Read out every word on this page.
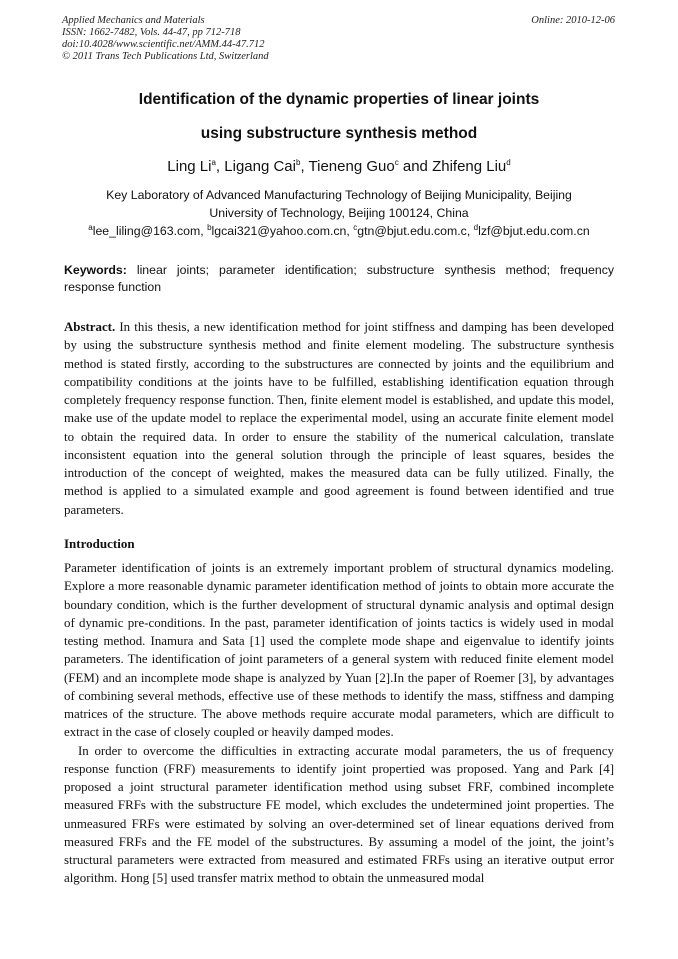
Applied Mechanics and Materials
ISSN: 1662-7482, Vols. 44-47, pp 712-718
doi:10.4028/www.scientific.net/AMM.44-47.712
© 2011 Trans Tech Publications Ltd, Switzerland
Online: 2010-12-06
Identification of the dynamic properties of linear joints
using substructure synthesis method
Ling Li$^a$, Ligang Cai$^b$, Tieneng Guo$^c$ and Zhifeng Liu$^d$
Key Laboratory of Advanced Manufacturing Technology of Beijing Municipality, Beijing
University of Technology, Beijing 100124, China
$^a$lee_liling@163.com, $^b$lgcai321@yahoo.com.cn, $^c$gtn@bjut.edu.com.c, $^d$lzf@bjut.edu.com.cn
Keywords: linear joints; parameter identification; substructure synthesis method; frequency response function

Abstract. In this thesis, a new identification method for joint stiffness and damping has been developed by using the substructure synthesis method and finite element modeling. The substructure synthesis method is stated firstly, according to the substructures are connected by joints and the equilibrium and compatibility conditions at the joints have to be fulfilled, establishing identification equation through completely frequency response function. Then, finite element model is established, and update this model, make use of the update model to replace the experimental model, using an accurate finite element model to obtain the required data. In order to ensure the stability of the numerical calculation, translate inconsistent equation into the general solution through the principle of least squares, besides the introduction of the concept of weighted, makes the measured data can be fully utilized. Finally, the method is applied to a simulated example and good agreement is found between identified and true parameters.

Introduction

Parameter identification of joints is an extremely important problem of structural dynamics modeling. Explore a more reasonable dynamic parameter identification method of joints to obtain more accurate the boundary condition, which is the further development of structural dynamic analysis and optimal design of dynamic pre-conditions. In the past, parameter identification of joints tactics is widely used in modal testing method. Inamura and Sata [1] used the complete mode shape and eigenvalue to identify joints parameters. The identification of joint parameters of a general system with reduced finite element model (FEM) and an incomplete mode shape is analyzed by Yuan [2].In the paper of Roemer [3], by advantages of combining several methods, effective use of these methods to identify the mass, stiffness and damping matrices of the structure. The above methods require accurate modal parameters, which are difficult to extract in the case of closely coupled or heavily damped modes.

In order to overcome the difficulties in extracting accurate modal parameters, the us of frequency response function (FRF) measurements to identify joint propertied was proposed. Yang and Park [4] proposed a joint structural parameter identification method using subset FRF, combined incomplete measured FRFs with the substructure FE model, which excludes the undetermined joint properties. The unmeasured FRFs were estimated by solving an over-determined set of linear equations derived from measured FRFs and the FE model of the substructures. By assuming a model of the joint, the joint’s structural parameters were extracted from measured and estimated FRFs using an iterative output error algorithm. Hong [5] used transfer matrix method to obtain the unmeasured modal
